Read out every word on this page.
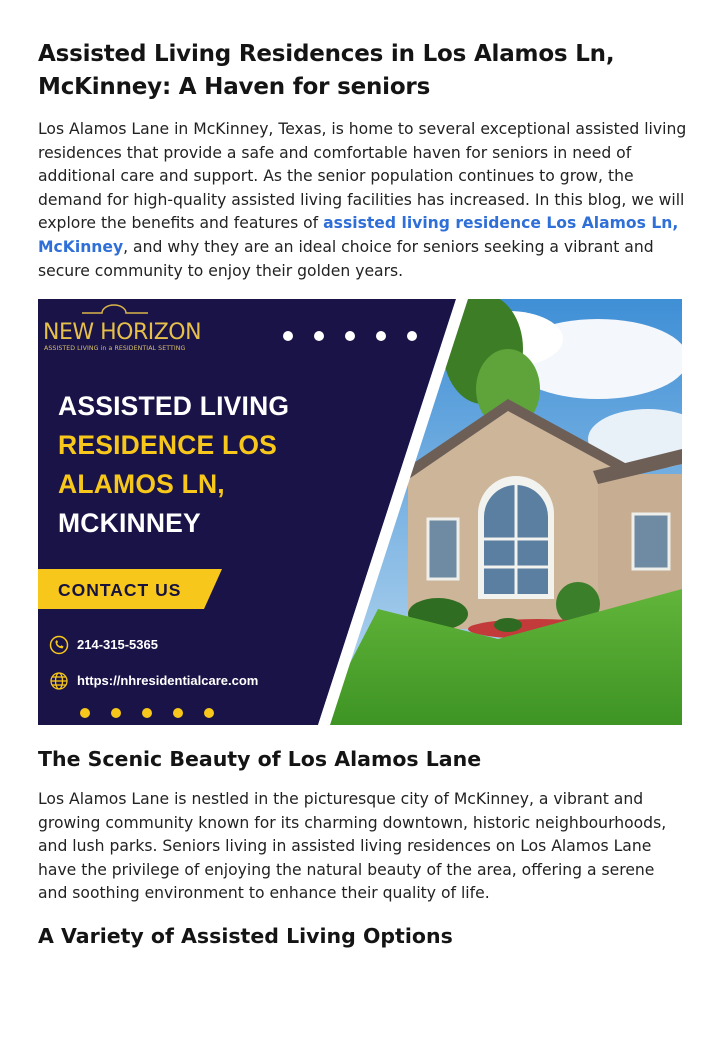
Assisted Living Residences in Los Alamos Ln, McKinney: A Haven for seniors

Los Alamos Lane in McKinney, Texas, is home to several exceptional assisted living residences that provide a safe and comfortable haven for seniors in need of additional care and support. As the senior population continues to grow, the demand for high-quality assisted living facilities has increased. In this blog, we will explore the benefits and features of assisted living residence Los Alamos Ln, McKinney, and why they are an ideal choice for seniors seeking a vibrant and secure community to enjoy their golden years.

The Scenic Beauty of Los Alamos Lane

Los Alamos Lane is nestled in the picturesque city of McKinney, a vibrant and growing community known for its charming downtown, historic neighbourhoods, and lush parks. Seniors living in assisted living residences on Los Alamos Lane have the privilege of enjoying the natural beauty of the area, offering a serene and soothing environment to enhance their quality of life.

A Variety of Assisted Living Options
NEW HORIZON
ASSISTED LIVING in a RESIDENTIAL SETTING
ASSISTED LIVING
RESIDENCE LOS
ALAMOS LN,
MCKINNEY
CONTACT US
214-315-5365
https://nhresidentialcare.com
